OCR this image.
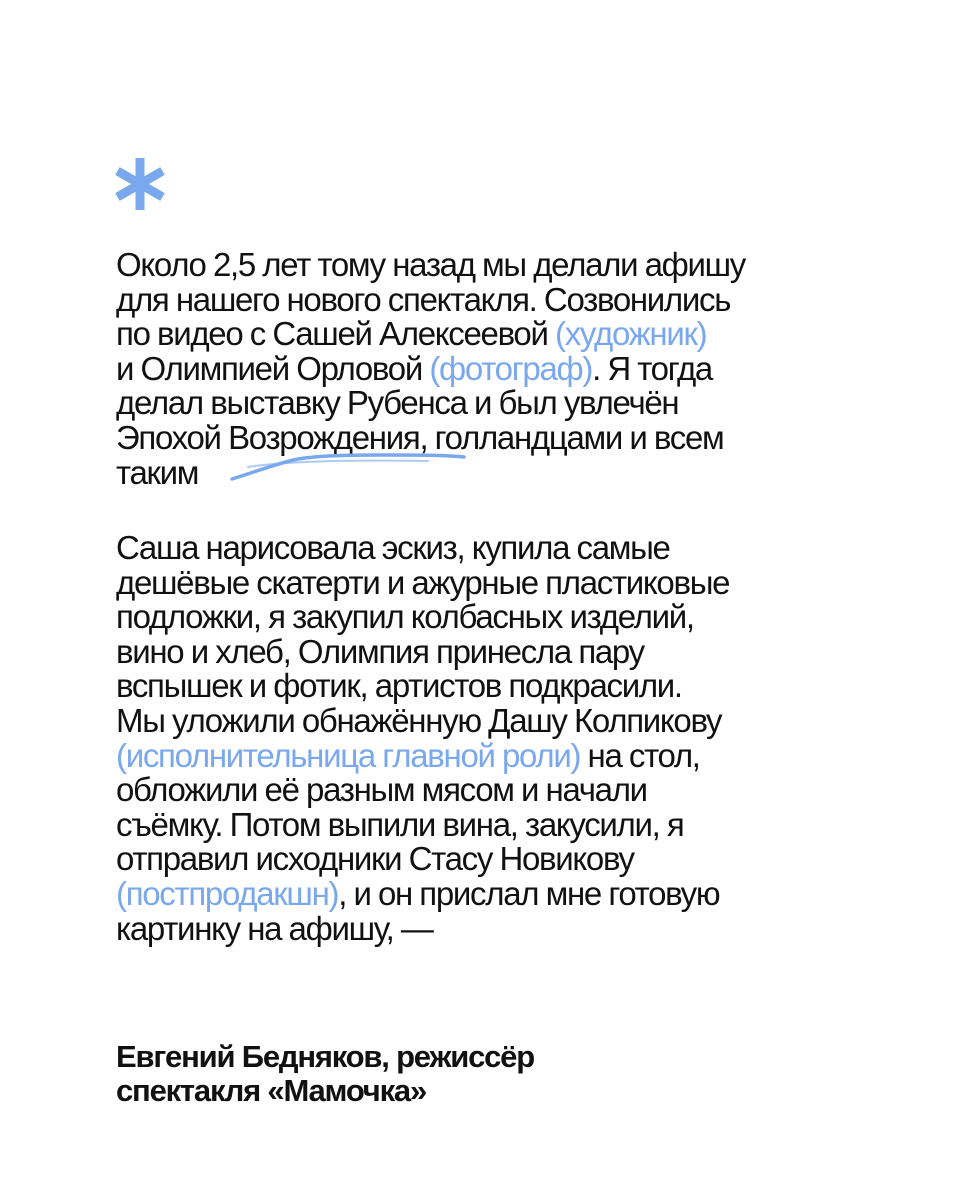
Около 2,5 лет тому назад мы делали афишу
для нашего нового спектакля. Созвонились
по видео с Сашей Алексеевой (художник)
и Олимпией Орловой (фотограф). Я тогда
делал выставку Рубенса и был увлечён
Эпохой Возрождения, голландцами и всем
таким
Саша нарисовала эскиз, купила самые
дешёвые скатерти и ажурные пластиковые
подложки, я закупил колбасных изделий,
вино и хлеб, Олимпия принесла пару
вспышек и фотик, артистов подкрасили.
Мы уложили обнажённую Дашу Колпикову
(исполнительница главной роли) на стол,
обложили её разным мясом и начали
съёмку. Потом выпили вина, закусили, я
отправил исходники Стасу Новикову
(постпродакшн), и он прислал мне готовую
картинку на афишу, —
Евгений Бедняков, режиссёр
спектакля «Мамочка»
